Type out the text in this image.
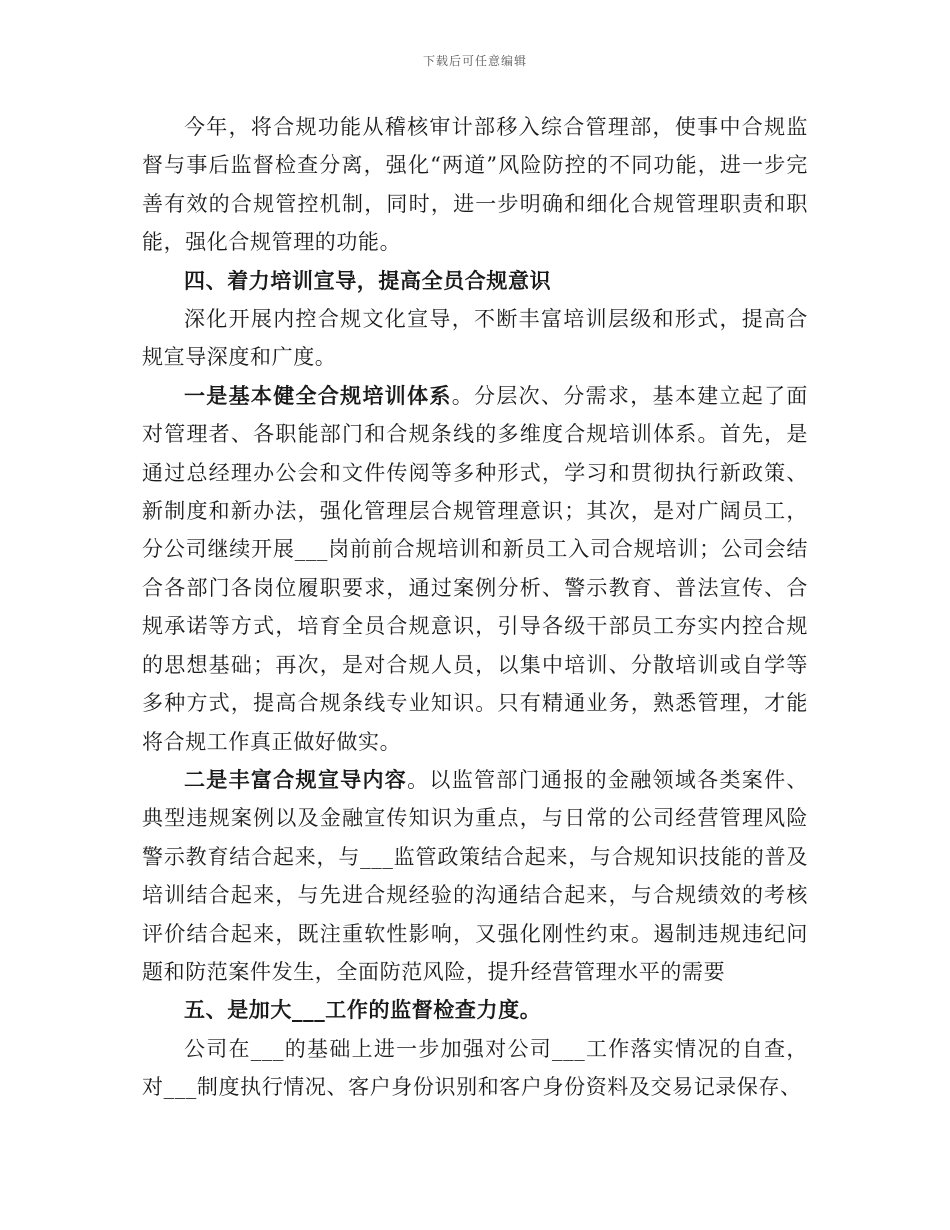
下载后可任意编辑

今年，将合规功能从稽核审计部移入综合管理部，使事中合规监督与事后监督检查分离，强化“两道”风险防控的不同功能，进一步完善有效的合规管控机制，同时，进一步明确和细化合规管理职责和职能，强化合规管理的功能。

四、着力培训宣导，提高全员合规意识

深化开展内控合规文化宣导，不断丰富培训层级和形式，提高合规宣导深度和广度。

一是基本健全合规培训体系。分层次、分需求，基本建立起了面对管理者、各职能部门和合规条线的多维度合规培训体系。首先，是通过总经理办公会和文件传阅等多种形式，学习和贯彻执行新政策、新制度和新办法，强化管理层合规管理意识；其次，是对广阔员工，分公司继续开展___岗前前合规培训和新员工入司合规培训；公司会结合各部门各岗位履职要求，通过案例分析、警示教育、普法宣传、合规承诺等方式，培育全员合规意识，引导各级干部员工夯实内控合规的思想基础；再次，是对合规人员，以集中培训、分散培训或自学等多种方式，提高合规条线专业知识。只有精通业务，熟悉管理，才能将合规工作真正做好做实。

二是丰富合规宣导内容。以监管部门通报的金融领域各类案件、典型违规案例以及金融宣传知识为重点，与日常的公司经营管理风险警示教育结合起来，与___监管政策结合起来，与合规知识技能的普及培训结合起来，与先进合规经验的沟通结合起来，与合规绩效的考核评价结合起来，既注重软性影响，又强化刚性约束。遏制违规违纪问题和防范案件发生，全面防范风险，提升经营管理水平的需要

五、是加大___工作的监督检查力度。

公司在___的基础上进一步加强对公司___工作落实情况的自查，对___制度执行情况、客户身份识别和客户身份资料及交易记录保存、
